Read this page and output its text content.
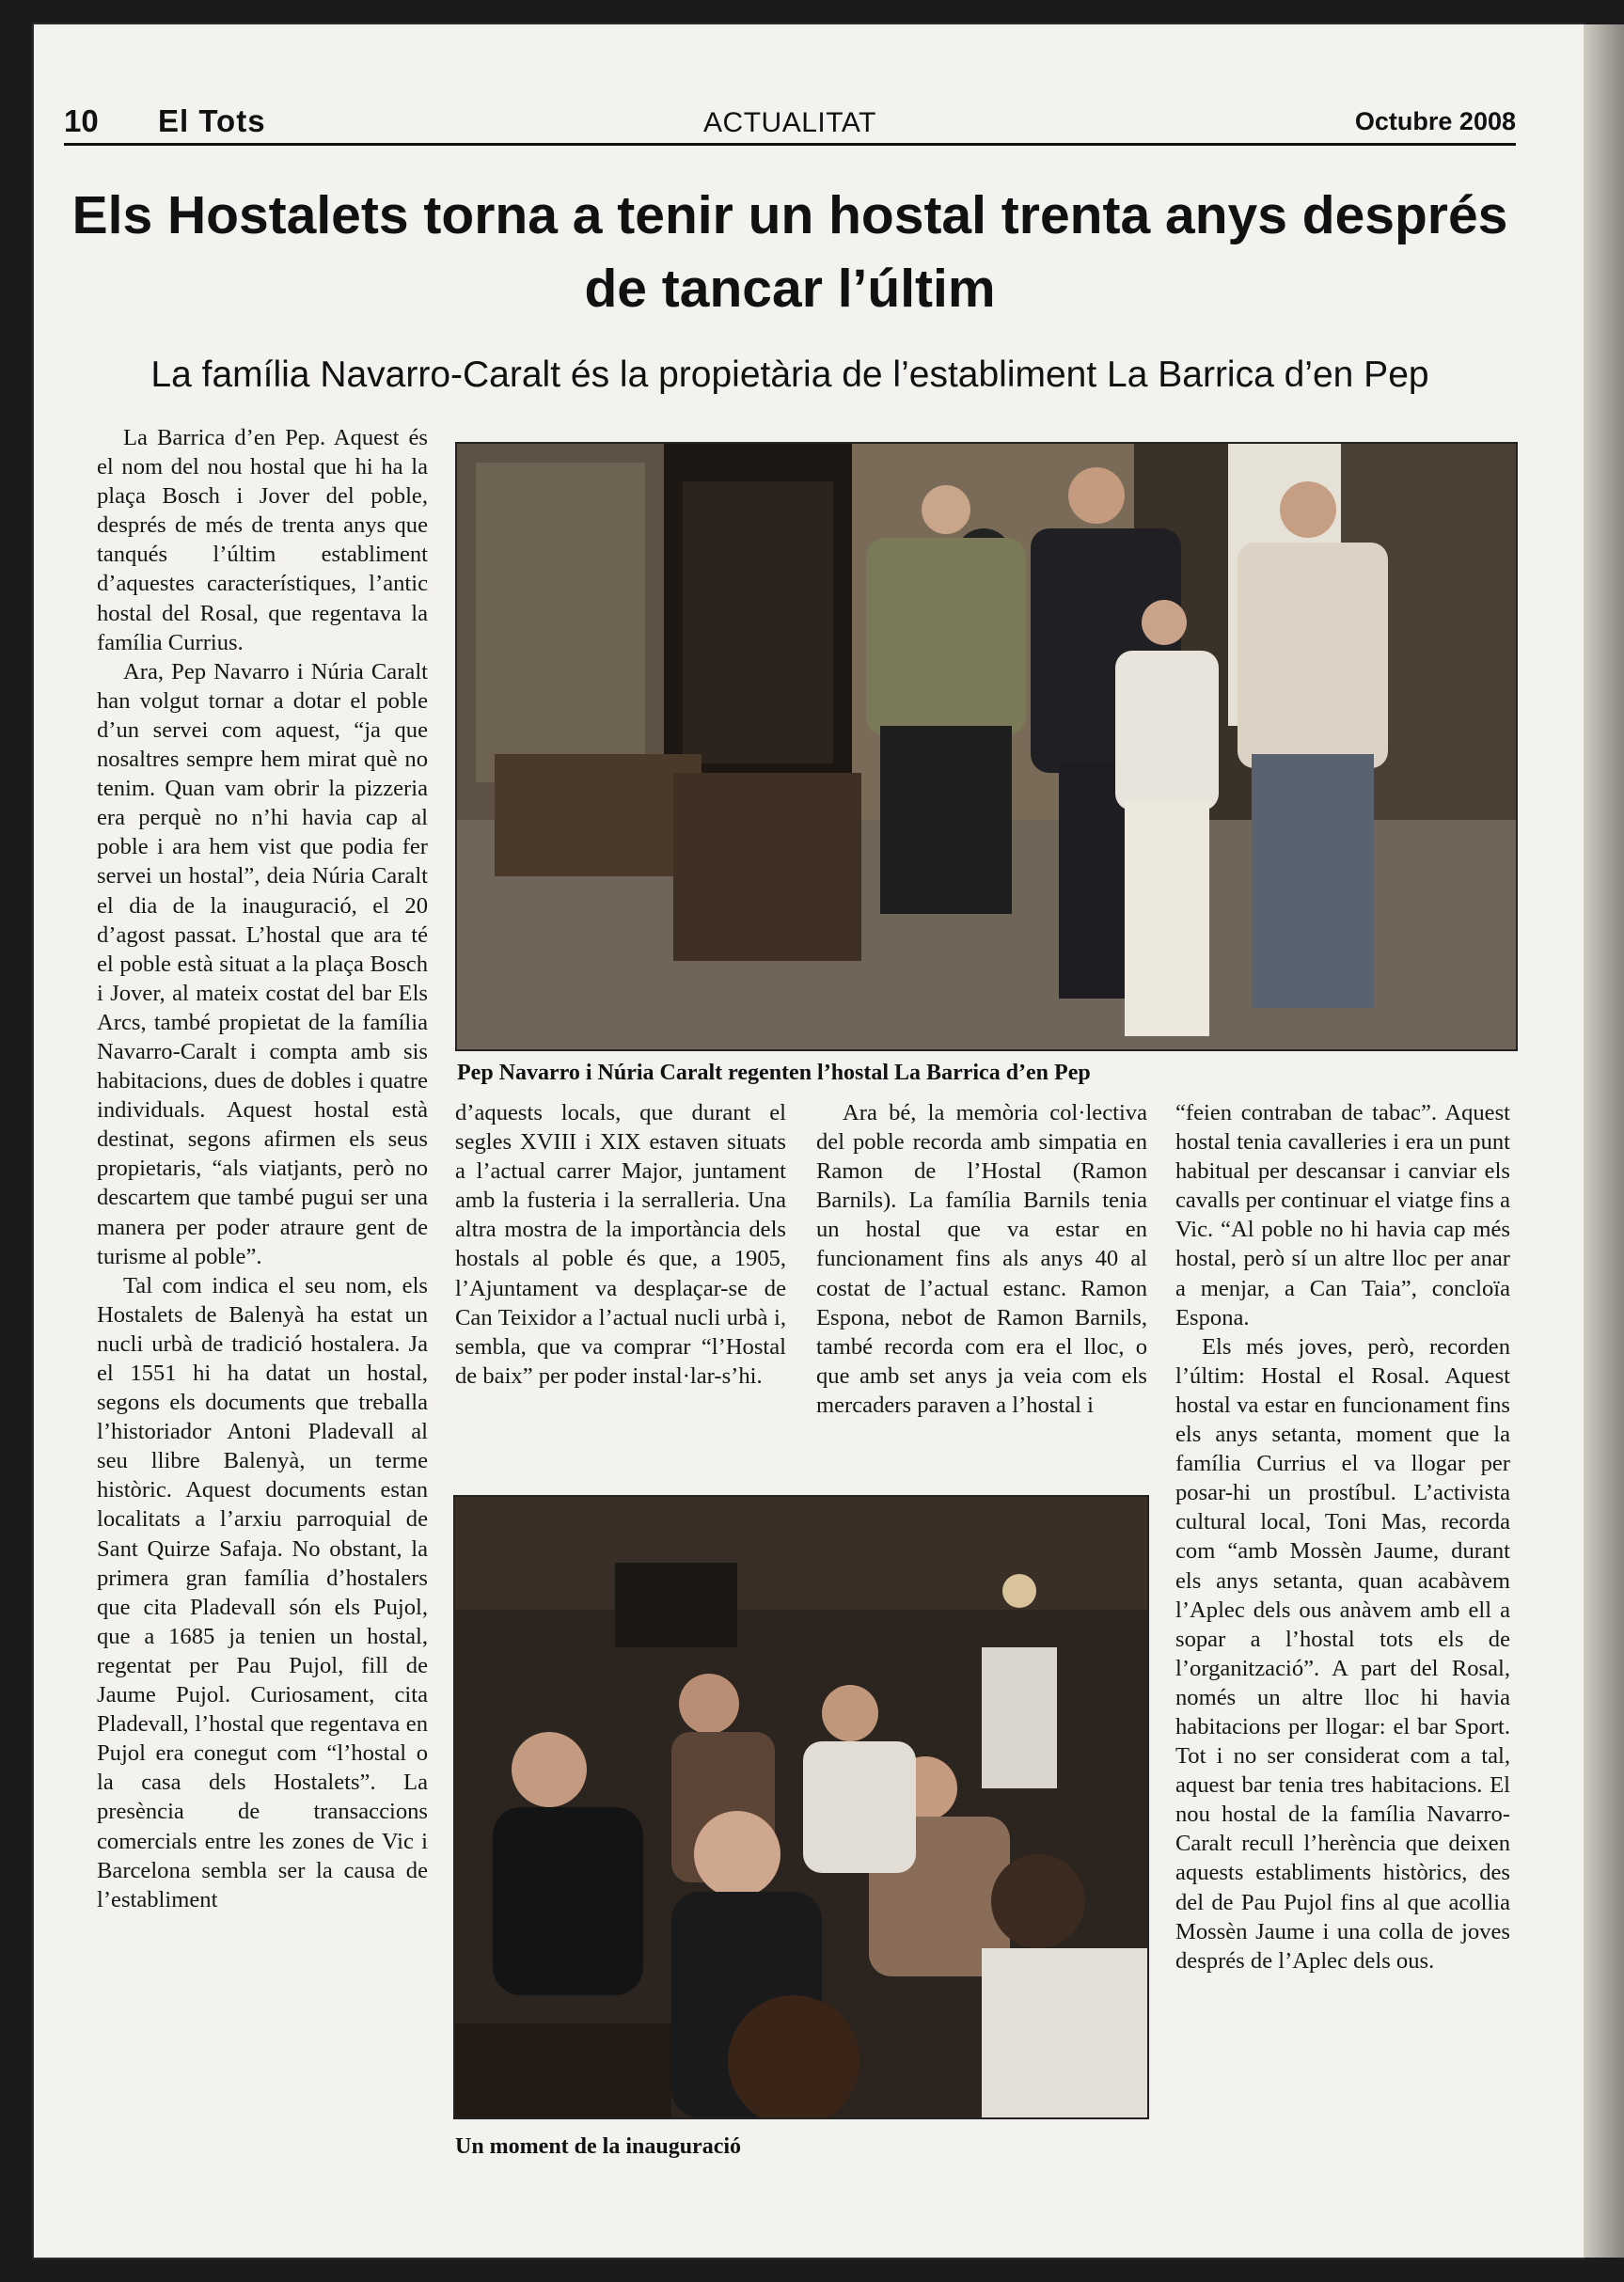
10 El Tots	ACTUALITAT	Octubre 2008
Els Hostalets torna a tenir un hostal trenta anys després de tancar l’últim
La família Navarro-Caralt és la propietària de l’establiment La Barrica d’en Pep

La Barrica d’en Pep. Aquest és el nom del nou hostal que hi ha la plaça Bosch i Jover del poble, després de més de trenta anys que tanqués l’últim establiment d’aquestes característiques, l’antic hostal del Rosal, que regentava la família Currius.

Ara, Pep Navarro i Núria Caralt han volgut tornar a dotar el poble d’un servei com aquest, “ja que nosaltres sempre hem mirat què no tenim. Quan vam obrir la pizzeria era perquè no n’hi havia cap al poble i ara hem vist que podia fer servei un hostal”, deia Núria Caralt el dia de la inauguració, el 20 d’agost passat. L’hostal que ara té el poble està situat a la plaça Bosch i Jover, al mateix costat del bar Els Arcs, també propietat de la família Navarro-Caralt i compta amb sis habitacions, dues de dobles i quatre individuals. Aquest hostal està destinat, segons afirmen els seus propietaris, “als viatjants, però no descartem que també pugui ser una manera per poder atraure gent de turisme al poble”.

Tal com indica el seu nom, els Hostalets de Balenyà ha estat un nucli urbà de tradició hostalera. Ja el 1551 hi ha datat un hostal, segons els documents que treballa l’historiador Antoni Pladevall al seu llibre Balenyà, un terme històric. Aquest documents estan localitats a l’arxiu parroquial de Sant Quirze Safaja. No obstant, la primera gran família d’hostalers que cita Pladevall són els Pujol, que a 1685 ja tenien un hostal, regentat per Pau Pujol, fill de Jaume Pujol. Curiosament, cita Pladevall, l’hostal que regentava en Pujol era conegut com “l’hostal o la casa dels Hostalets”. La presència de transaccions comercials entre les zones de Vic i Barcelona sembla ser la causa de l’establiment

Pep Navarro i Núria Caralt regenten l’hostal La Barrica d’en Pep

d’aquests locals, que durant el segles XVIII i XIX estaven situats a l’actual carrer Major, juntament amb la fusteria i la serralleria. Una altra mostra de la importància dels hostals al poble és que, a 1905, l’Ajuntament va desplaçar-se de Can Teixidor a l’actual nucli urbà i, sembla, que va comprar “l’Hostal de baix” per poder instal·lar-s’hi.

Ara bé, la memòria col·lectiva del poble recorda amb simpatia en Ramon de l’Hostal (Ramon Barnils). La família Barnils tenia un hostal que va estar en funcionament fins als anys 40 al costat de l’actual estanc. Ramon Espona, nebot de Ramon Barnils, també recorda com era el lloc, o que amb set anys ja veia com els mercaders paraven a l’hostal i

“feien contraban de tabac”. Aquest hostal tenia cavalleries i era un punt habitual per descansar i canviar els cavalls per continuar el viatge fins a Vic. “Al poble no hi havia cap més hostal, però sí un altre lloc per anar a menjar, a Can Taia”, concloïa Espona.

Els més joves, però, recorden l’últim: Hostal el Rosal. Aquest hostal va estar en funcionament fins els anys setanta, moment que la família Currius el va llogar per posar-hi un prostíbul. L’activista cultural local, Toni Mas, recorda com “amb Mossèn Jaume, durant els anys setanta, quan acabàvem l’Aplec dels ous anàvem amb ell a sopar a l’hostal tots els de l’organització”. A part del Rosal, només un altre lloc hi havia habitacions per llogar: el bar Sport. Tot i no ser considerat com a tal, aquest bar tenia tres habitacions. El nou hostal de la família Navarro-Caralt recull l’herència que deixen aquests establiments històrics, des del de Pau Pujol fins al que acollia Mossèn Jaume i una colla de joves després de l’Aplec dels ous.

Un moment de la inauguració
